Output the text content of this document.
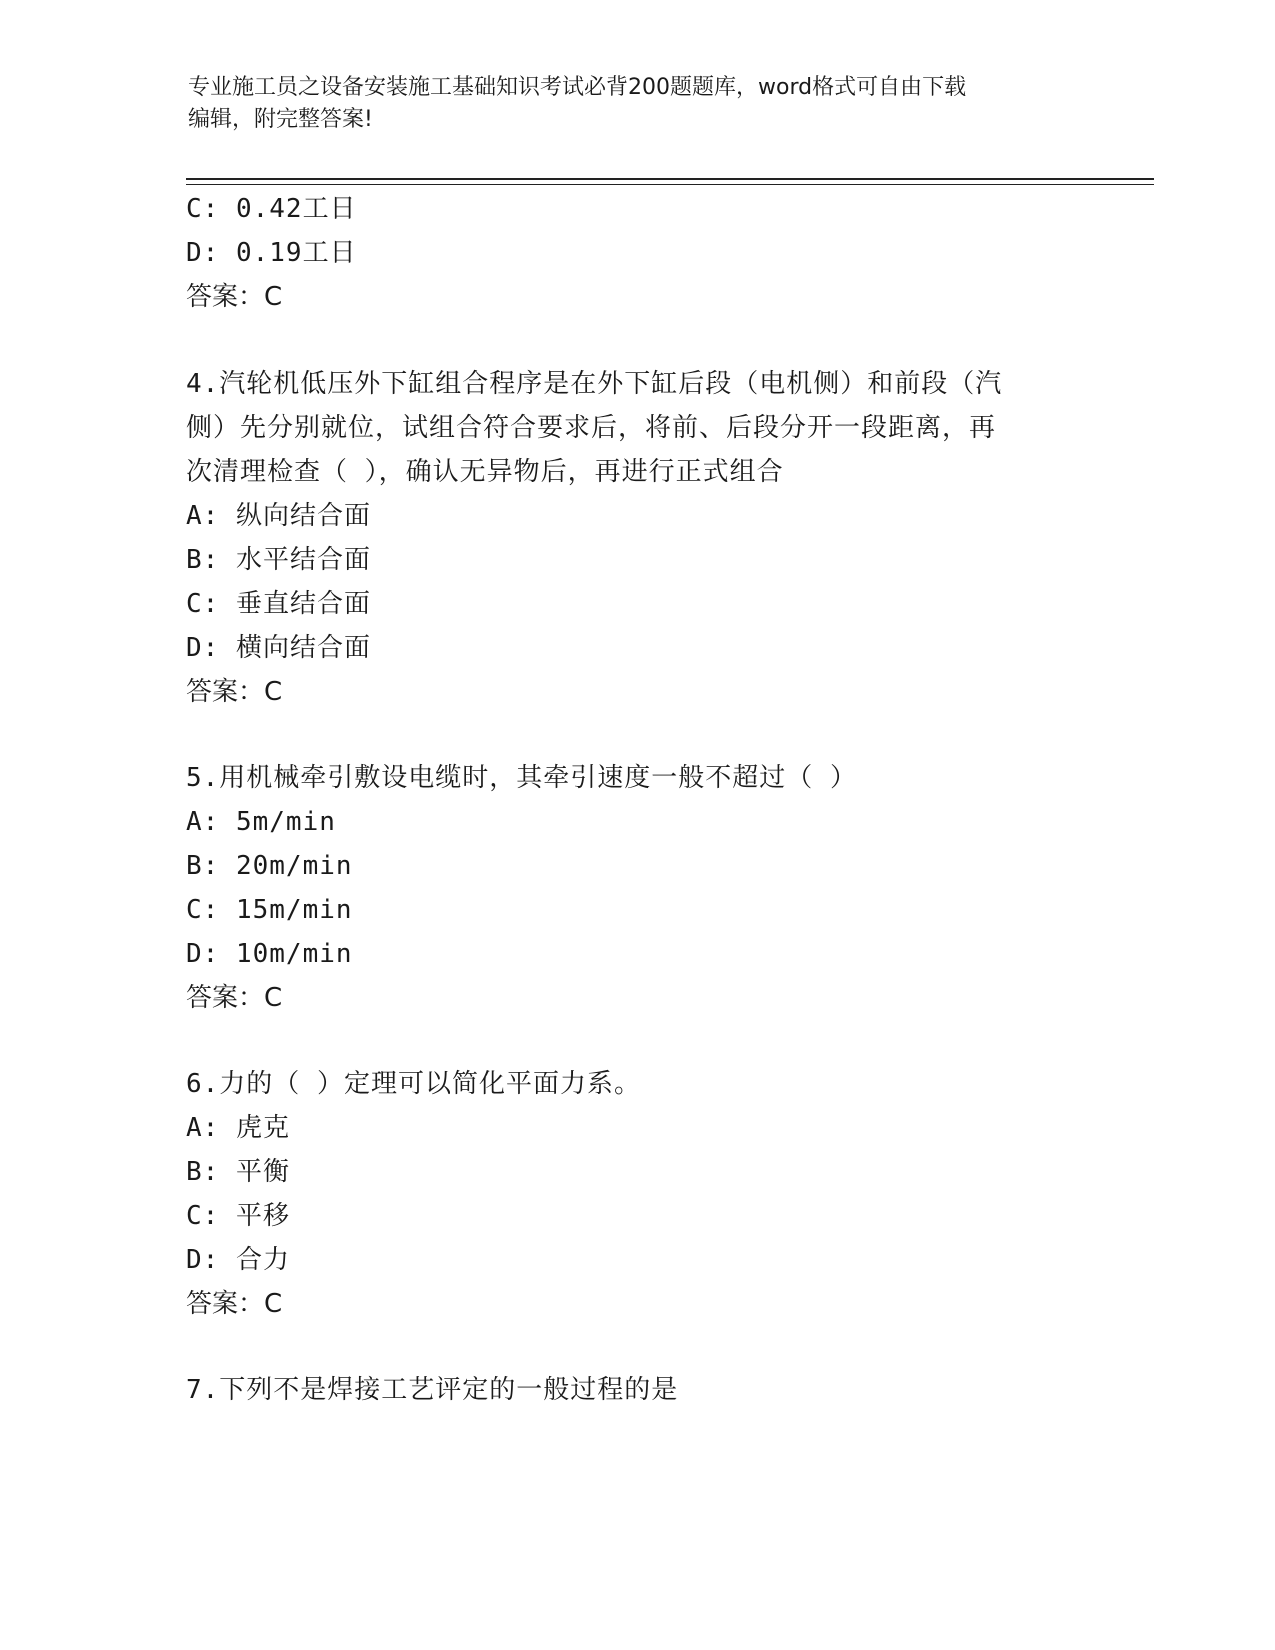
专业施工员之设备安装施工基础知识考试必背200题题库，word格式可自由下载
编辑，附完整答案!
C: 0.42工日
D: 0.19工日
答案：C
4.汽轮机低压外下缸组合程序是在外下缸后段（电机侧）和前段（汽
侧）先分别就位，试组合符合要求后，将前、后段分开一段距离，再
次清理检查（ ），确认无异物后，再进行正式组合
A: 纵向结合面
B: 水平结合面
C: 垂直结合面
D: 横向结合面
答案：C
5.用机械牵引敷设电缆时，其牵引速度一般不超过（ ）
A: 5m/min
B: 20m/min
C: 15m/min
D: 10m/min
答案：C
6.力的（ ）定理可以简化平面力系。
A: 虎克
B: 平衡
C: 平移
D: 合力
答案：C
7.下列不是焊接工艺评定的一般过程的是
